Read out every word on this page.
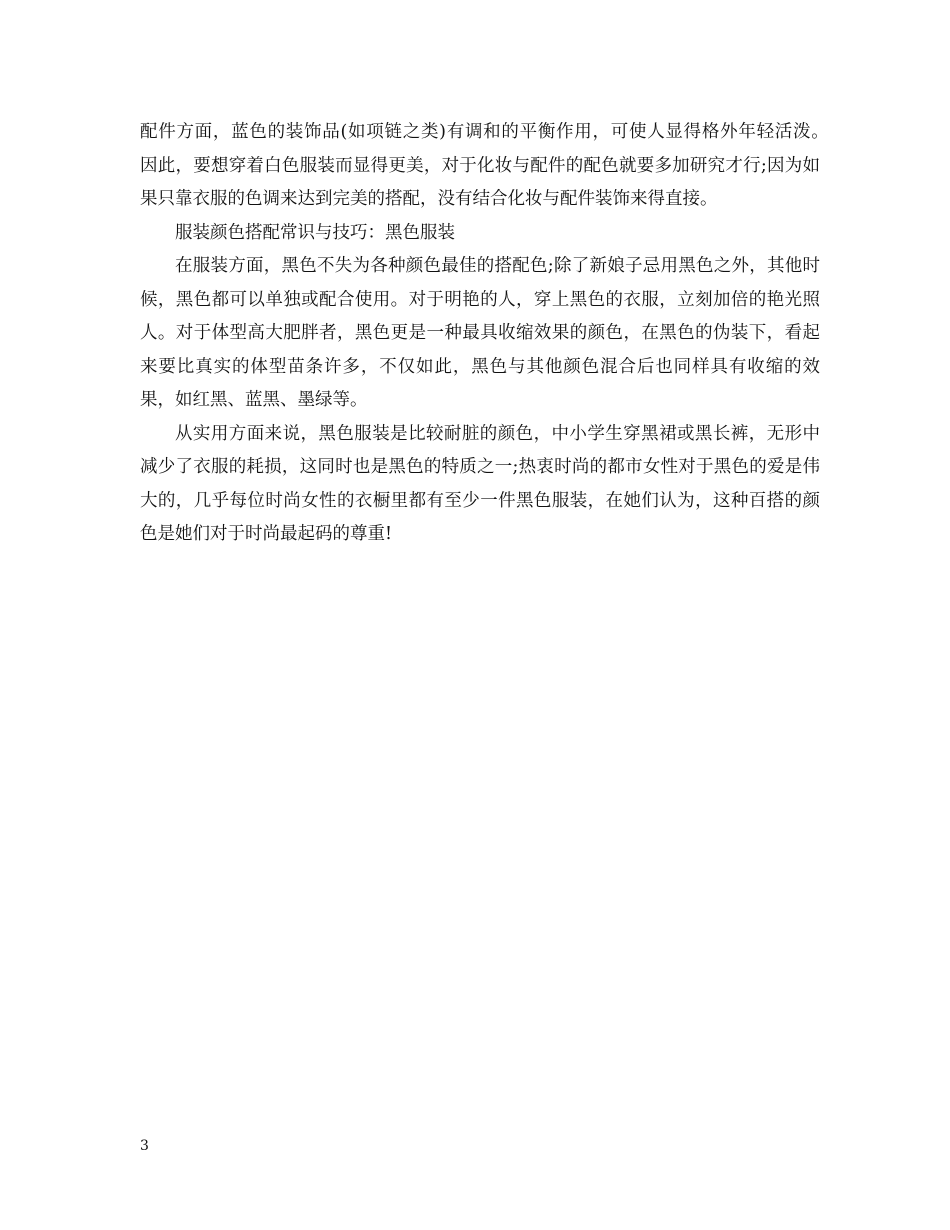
配件方面，蓝色的装饰品(如项链之类)有调和的平衡作用，可使人显得格外年轻活泼。　　因此，要想穿着白色服装而显得更美，对于化妆与配件的配色就要多加研究才行;因为如果只靠衣服的色调来达到完美的搭配，没有结合化妆与配件装饰来得直接。

服装颜色搭配常识与技巧：黑色服装

在服装方面，黑色不失为各种颜色最佳的搭配色;除了新娘子忌用黑色之外，其他时候，黑色都可以单独或配合使用。对于明艳的人，穿上黑色的衣服，立刻加倍的艳光照人。对于体型高大肥胖者，黑色更是一种最具收缩效果的颜色，在黑色的伪装下，看起来要比真实的体型苗条许多，不仅如此，黑色与其他颜色混合后也同样具有收缩的效果，如红黑、蓝黑、墨绿等。

从实用方面来说，黑色服装是比较耐脏的颜色，中小学生穿黑裙或黑长裤，无形中减少了衣服的耗损，这同时也是黑色的特质之一;热衷时尚的都市女性对于黑色的爱是伟大的，几乎每位时尚女性的衣橱里都有至少一件黑色服装，在她们认为，这种百搭的颜色是她们对于时尚最起码的尊重!

3
